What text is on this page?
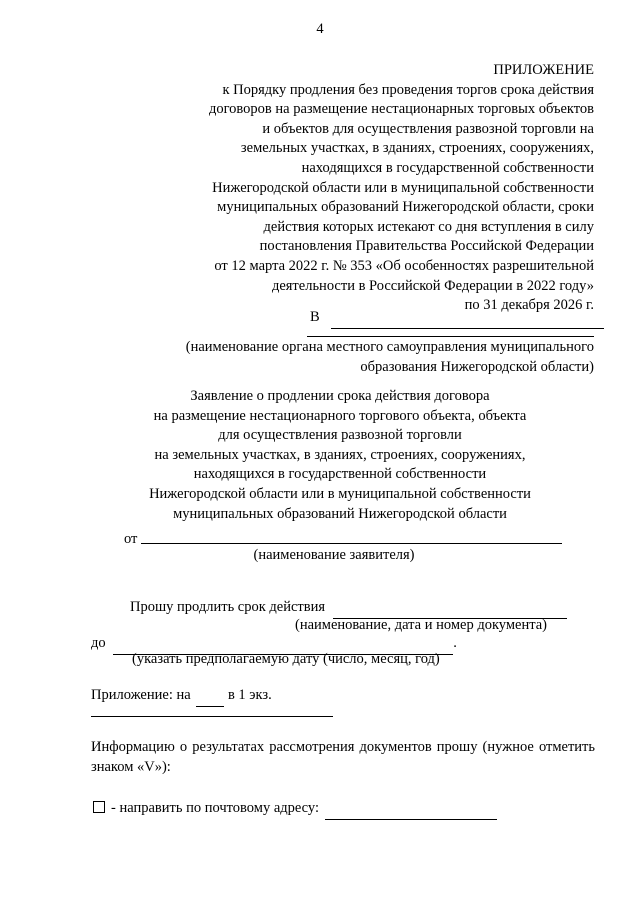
4
ПРИЛОЖЕНИЕ
к Порядку продления без проведения торгов срока действия
договоров на размещение нестационарных торговых объектов
и объектов для осуществления развозной торговли на
земельных участках, в зданиях, строениях, сооружениях,
находящихся в государственной собственности
Нижегородской области или в муниципальной собственности
муниципальных образований Нижегородской области, сроки
действия которых истекают со дня вступления в силу
постановления Правительства Российской Федерации
от 12 марта 2022 г. № 353 «Об особенностях разрешительной
деятельности в Российской Федерации в 2022 году»
по 31 декабря 2026 г.
В
(наименование органа местного самоуправления муниципального
образования Нижегородской области)
Заявление о продлении срока действия договора
на размещение нестационарного торгового объекта, объекта
для осуществления развозной торговли
на земельных участках, в зданиях, строениях, сооружениях,
находящихся в государственной собственности
Нижегородской области или в муниципальной собственности
муниципальных образований Нижегородской области
от
(наименование заявителя)
Прошу продлить срок действия
(наименование, дата и номер документа)
до	.
(указать предполагаемую дату (число, месяц, год)
Приложение: на	в 1 экз.
Информацию о результатах рассмотрения документов прошу (нужное отметить знаком «V»):
- направить по почтовому адресу:
